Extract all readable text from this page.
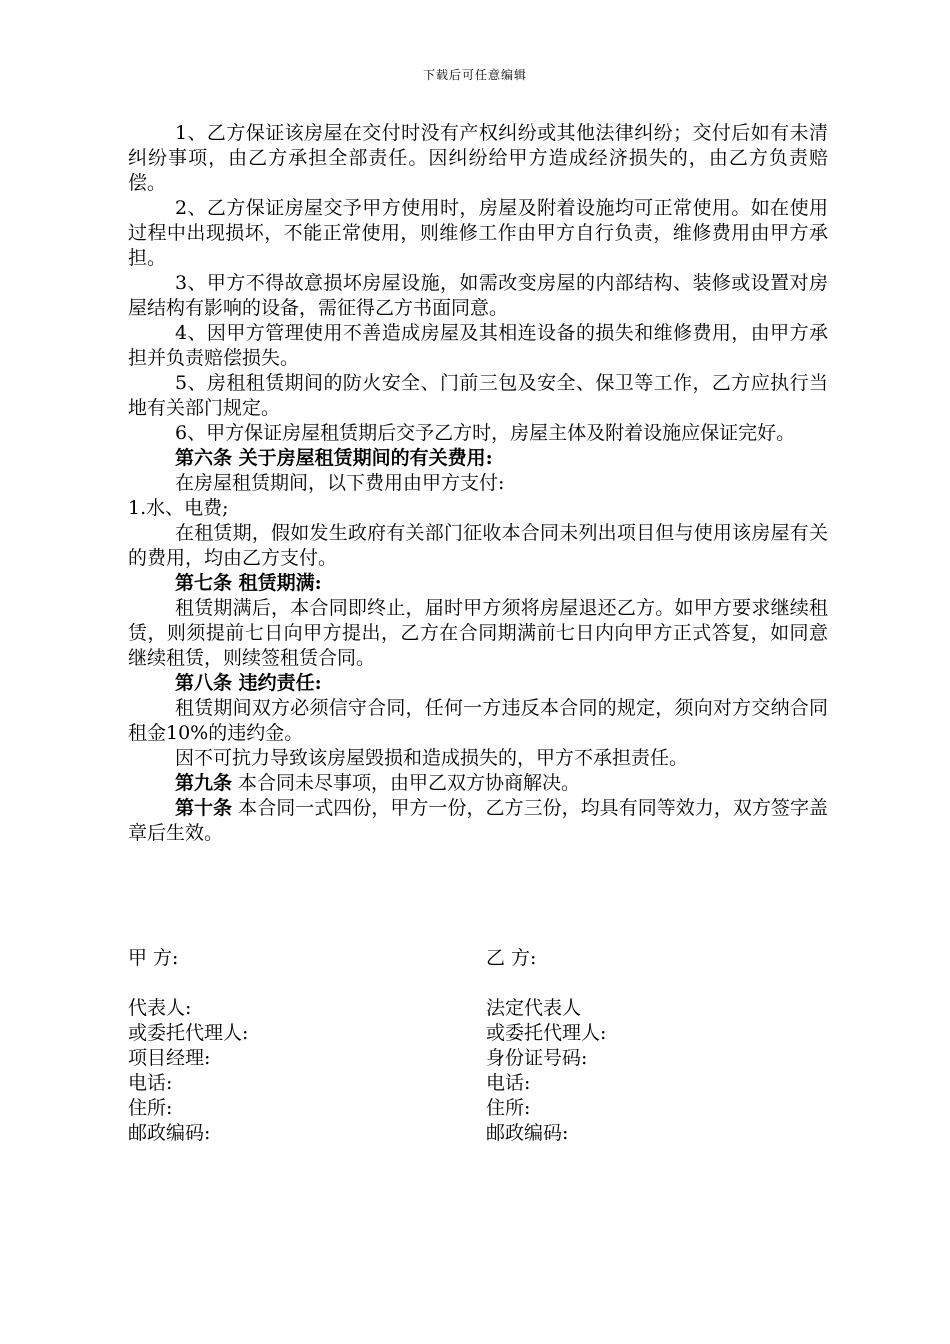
下载后可任意编辑

1、乙方保证该房屋在交付时没有产权纠纷或其他法律纠纷；交付后如有未清纠纷事项，由乙方承担全部责任。因纠纷给甲方造成经济损失的，由乙方负责赔偿。

2、乙方保证房屋交予甲方使用时，房屋及附着设施均可正常使用。如在使用过程中出现损坏，不能正常使用，则维修工作由甲方自行负责，维修费用由甲方承担。

3、甲方不得故意损坏房屋设施，如需改变房屋的内部结构、装修或设置对房屋结构有影响的设备，需征得乙方书面同意。

4、因甲方管理使用不善造成房屋及其相连设备的损失和维修费用，由甲方承担并负责赔偿损失。

5、房租租赁期间的防火安全、门前三包及安全、保卫等工作，乙方应执行当地有关部门规定。

6、甲方保证房屋租赁期后交予乙方时，房屋主体及附着设施应保证完好。

第六条 关于房屋租赁期间的有关费用:

在房屋租赁期间，以下费用由甲方支付:

1.水、电费;

在租赁期，假如发生政府有关部门征收本合同未列出项目但与使用该房屋有关的费用，均由乙方支付。

第七条 租赁期满:

租赁期满后，本合同即终止，届时甲方须将房屋退还乙方。如甲方要求继续租赁，则须提前七日向甲方提出，乙方在合同期满前七日内向甲方正式答复，如同意继续租赁，则续签租赁合同。

第八条 违约责任:

租赁期间双方必须信守合同，任何一方违反本合同的规定，须向对方交纳合同租金10%的违约金。

因不可抗力导致该房屋毁损和造成损失的，甲方不承担责任。

第九条 本合同未尽事项，由甲乙双方协商解决。

第十条 本合同一式四份，甲方一份，乙方三份，均具有同等效力，双方签字盖章后生效。

甲 方:
代表人:
或委托代理人:
项目经理:
电话:
住所:
邮政编码:
乙 方:
法定代表人
或委托代理人:
身份证号码:
电话:
住所:
邮政编码:
